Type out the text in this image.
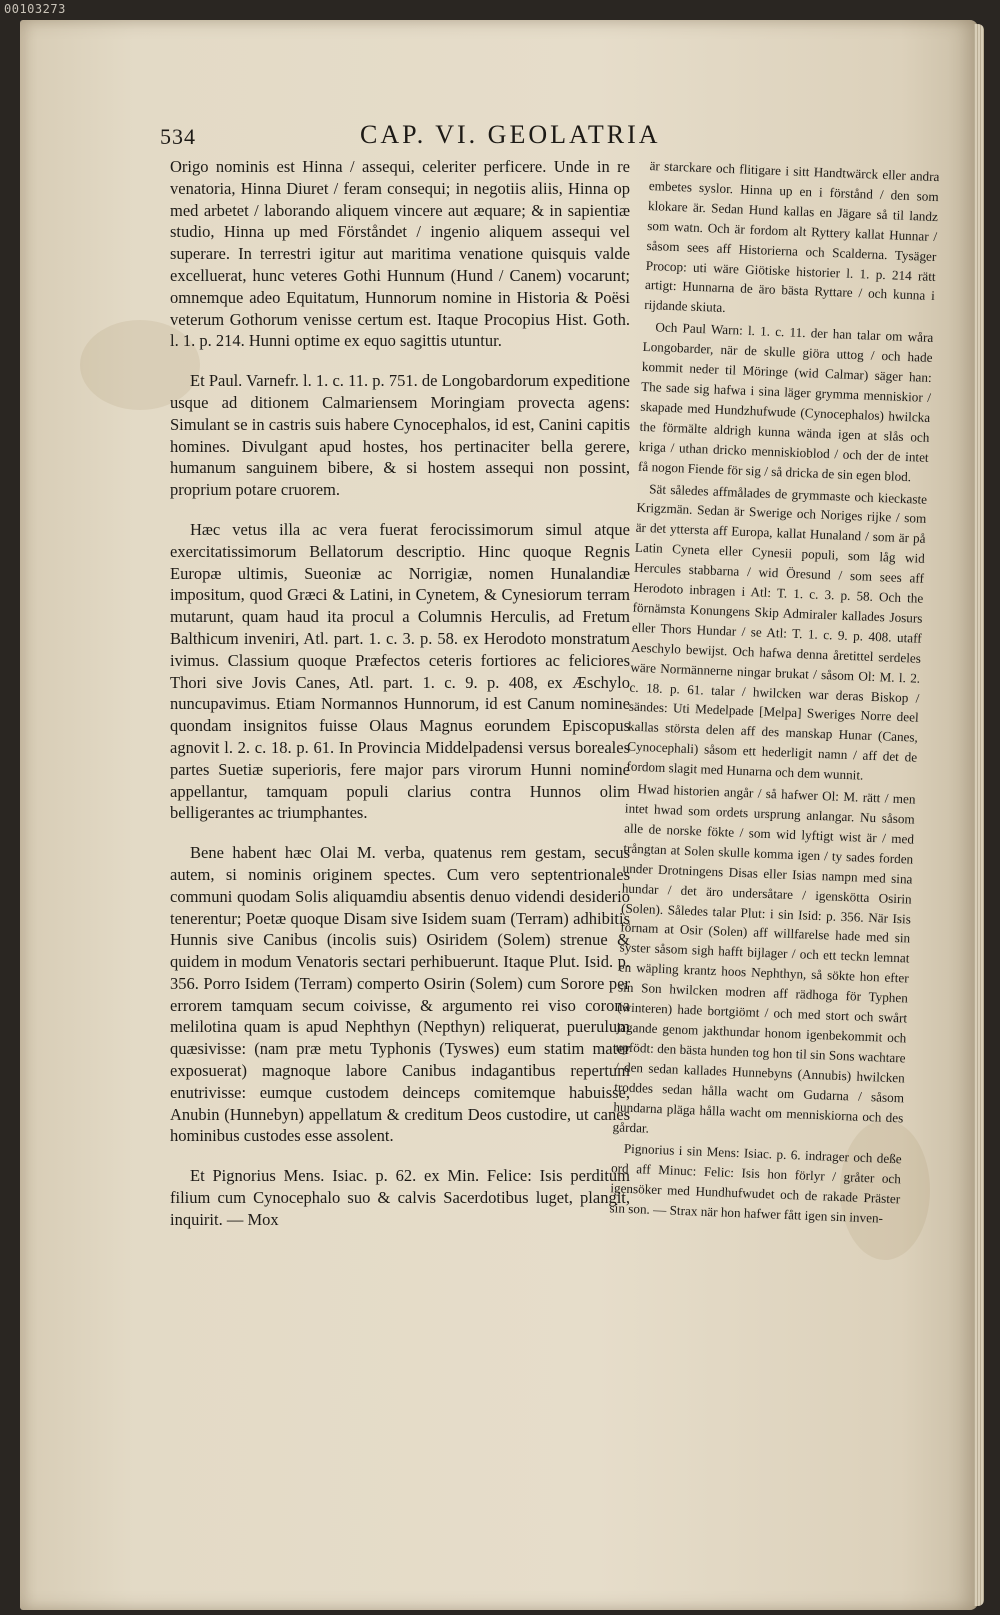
00103273
534	CAP. VI. GEOLATRIA

Origo nominis est Hinna / assequi, celeriter perficere. Unde in re venatoria, Hinna Diuret / feram consequi; in negotiis aliis, Hinna op med arbetet / laborando aliquem vincere aut æquare; & in sapientiæ studio, Hinna up med Förståndet / ingenio aliquem assequi vel superare. In terrestri igitur aut maritima venatione quisquis valde excelluerat, hunc veteres Gothi Hunnum (Hund / Canem) vocarunt; omnemque adeo Equitatum, Hunnorum nomine in Historia & Poësi veterum Gothorum venisse certum est. Itaque Procopius Hist. Goth. l. 1. p. 214. Hunni optime ex equo sagittis utuntur.

Et Paul. Varnefr. l. 1. c. 11. p. 751. de Longobardorum expeditione usque ad ditionem Calmariensem Moringiam provecta agens: Simulant se in castris suis habere Cynocephalos, id est, Canini capitis homines. Divulgant apud hostes, hos pertinaciter bella gerere, humanum sanguinem bibere, & si hostem assequi non possint, proprium potare cruorem.

Hæc vetus illa ac vera fuerat ferocissimorum simul atque exercitatissimorum Bellatorum descriptio. Hinc quoque Regnis Europæ ultimis, Sueoniæ ac Norrigiæ, nomen Hunalandiæ impositum, quod Græci & Latini, in Cynetem, & Cynesiorum terram mutarunt, quam haud ita procul a Columnis Herculis, ad Fretum Balthicum inveniri, Atl. part. 1. c. 3. p. 58. ex Herodoto monstratum ivimus. Classium quoque Præfectos ceteris fortiores ac feliciores Thori sive Jovis Canes, Atl. part. 1. c. 9. p. 408, ex Æschylo nuncupavimus. Etiam Normannos Hunnorum, id est Canum nomine quondam insignitos fuisse Olaus Magnus eorundem Episcopus agnovit l. 2. c. 18. p. 61. In Provincia Middelpadensi versus boreales partes Suetiæ superioris, fere major pars virorum Hunni nomine appellantur, tamquam populi clarius contra Hunnos olim belligerantes ac triumphantes.

Bene habent hæc Olai M. verba, quatenus rem gestam, secus autem, si nominis originem spectes. Cum vero septentrionales communi quodam Solis aliquamdiu absentis denuo videndi desiderio tenerentur; Poetæ quoque Disam sive Isidem suam (Terram) adhibitis Hunnis sive Canibus (incolis suis) Osiridem (Solem) strenue & quidem in modum Venatoris sectari perhibuerunt. Itaque Plut. Isid. p. 356. Porro Isidem (Terram) comperto Osirin (Solem) cum Sorore per errorem tamquam secum coivisse, & argumento rei viso corona melilotina quam is apud Nephthyn (Nepthyn) reliquerat, puerulum quæsivisse: (nam præ metu Typhonis (Tyswes) eum statim mater exposuerat) magnoque labore Canibus indagantibus repertum enutrivisse: eumque custodem deinceps comitemque habuisse, Anubin (Hunnebyn) appellatum & creditum Deos custodire, ut canes hominibus custodes esse assolent.

Et Pignorius Mens. Isiac. p. 62. ex Min. Felice: Isis perditum filium cum Cynocephalo suo & calvis Sacerdotibus luget, plangit, inquirit. — Mox

är starckare och flitigare i sitt Handtwärck eller andra embetes syslor. Hinna up en i förstånd / den som klokare är. Sedan Hund kallas en Jägare så til landz som watn. Och är fordom alt Ryttery kallat Hunnar / såsom sees aff Historierna och Scalderna. Tysäger Procop: uti wäre Giötiske historier l. 1. p. 214 rätt artigt: Hunnarna de äro bästa Ryttare / och kunna i rijdande skiuta.

Och Paul Warn: l. 1. c. 11. der han talar om wåra Longobarder, när de skulle giöra uttog / och hade kommit neder til Möringe (wid Calmar) säger han: The sade sig hafwa i sina läger grymma menniskior / skapade med Hundzhufwude (Cynocephalos) hwilcka the förmälte aldrigh kunna wända igen at slås och kriga / uthan dricko menniskioblod / och der de intet få nogon Fiende för sig / så dricka de sin egen blod.

Sät således affmålades de grymmaste och kieckaste Krigzmän. Sedan är Swerige och Noriges rijke / som är det yttersta aff Europa, kallat Hunaland / som är på Latin Cyneta eller Cynesii populi, som låg wid Hercules stabbarna / wid Öresund / som sees aff Herodoto inbragen i Atl: T. 1. c. 3. p. 58. Och the förnämsta Konungens Skip Admiraler kallades Josurs eller Thors Hundar / se Atl: T. 1. c. 9. p. 408. utaff Aeschylo bewijst. Och hafwa denna åretittel serdeles wäre Normännerne ningar brukat / såsom Ol: M. l. 2. c. 18. p. 61. talar / hwilcken war deras Biskop / sändes: Uti Medelpade [Melpa] Sweriges Norre deel kallas största delen aff des manskap Hunar (Canes, Cynocephali) såsom ett hederligit namn / aff det de fordom slagit med Hunarna och dem wunnit.

Hwad historien angår / så hafwer Ol: M. rätt / men intet hwad som ordets ursprung anlangar. Nu såsom alle de norske fökte / som wid lyftigt wist är / med trångtan at Solen skulle komma igen / ty sades forden under Drotningens Disas eller Isias nampn med sina hundar / det äro undersåtare / igenskötta Osirin (Solen). Således talar Plut: i sin Isid: p. 356. När Isis förnam at Osir (Solen) aff willfarelse hade med sin syster såsom sigh hafft bijlager / och ett teckn lemnat en wäpling krantz hoos Nephthyn, så sökte hon efter sin Son hwilcken modren aff rädhoga för Typhen (winteren) hade bortgiömt / och med stort och swårt jagande genom jakthundar honom igenbekommit och upfödt: den bästa hunden tog hon til sin Sons wachtare / den sedan kallades Hunnebyns (Annubis) hwilcken troddes sedan hålla wacht om Gudarna / såsom hundarna pläga hålla wacht om menniskiorna och des gårdar.

Pignorius i sin Mens: Isiac. p. 6. indrager och deße ord aff Minuc: Felic: Isis hon förlyr / gråter och igensöker med Hundhufwudet och de rakade Präster sin son. — Strax när hon hafwer fått igen sin inven-
